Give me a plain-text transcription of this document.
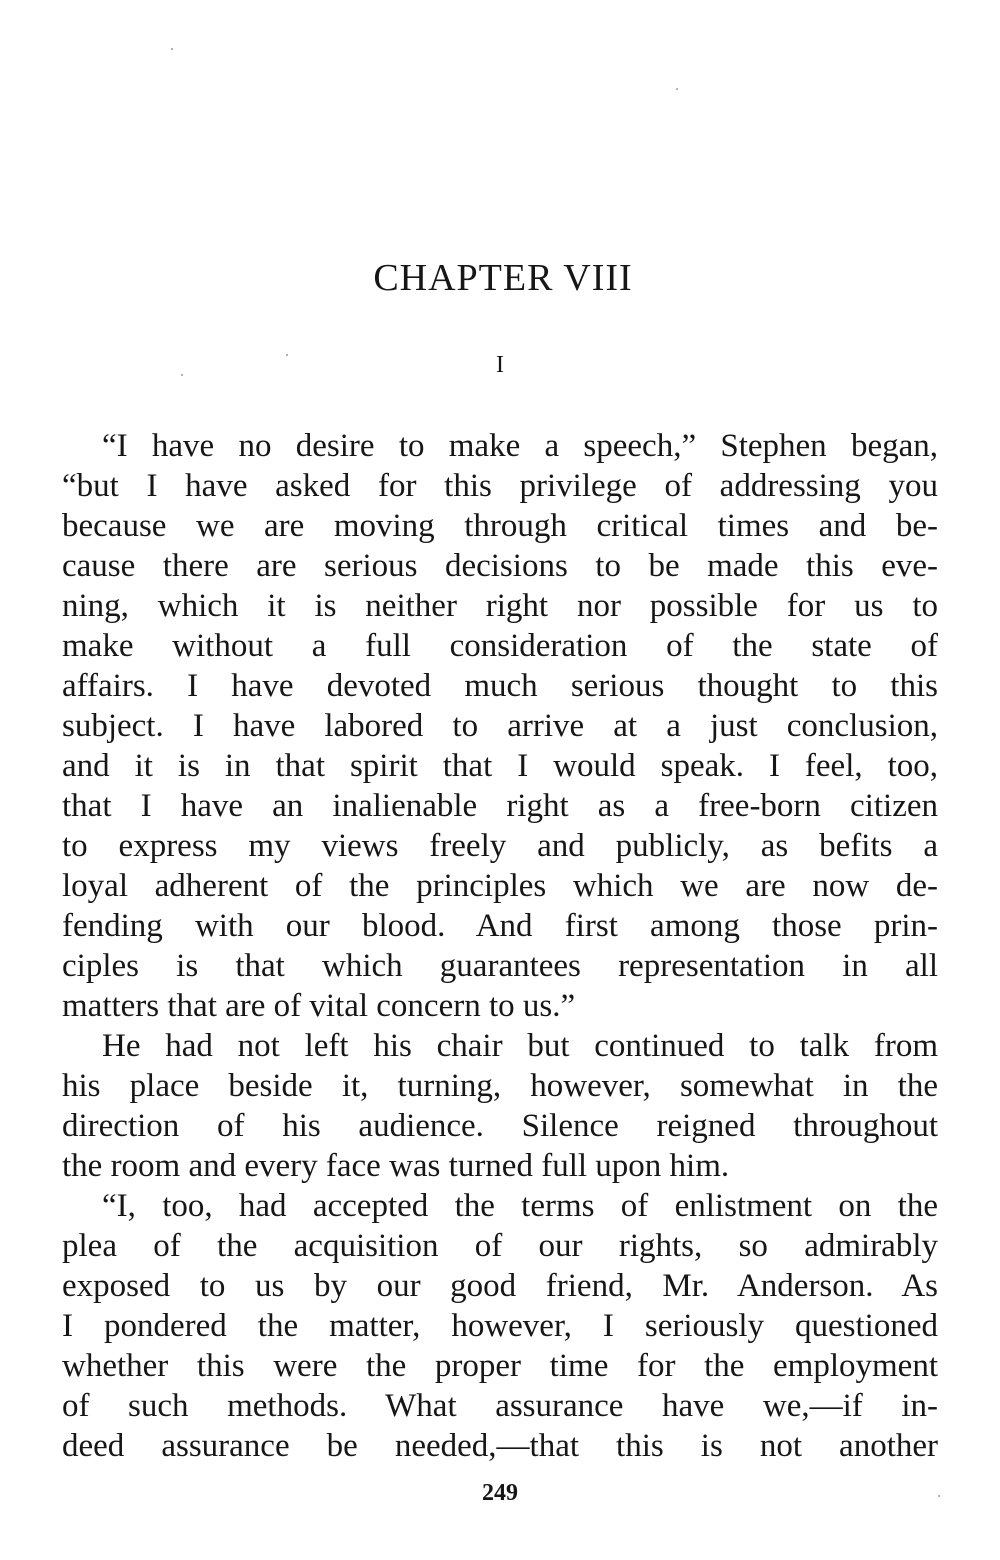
CHAPTER VIII
I
“I have no desire to make a speech,” Stephen began,
“but I have asked for this privilege of addressing you
because we are moving through critical times and be-
cause there are serious decisions to be made this eve-
ning, which it is neither right nor possible for us to
make without a full consideration of the state of
affairs. I have devoted much serious thought to this
subject. I have labored to arrive at a just conclusion,
and it is in that spirit that I would speak. I feel, too,
that I have an inalienable right as a free-born citizen
to express my views freely and publicly, as befits a
loyal adherent of the principles which we are now de-
fending with our blood. And first among those prin-
ciples is that which guarantees representation in all
matters that are of vital concern to us.”
He had not left his chair but continued to talk from
his place beside it, turning, however, somewhat in the
direction of his audience. Silence reigned throughout
the room and every face was turned full upon him.
“I, too, had accepted the terms of enlistment on the
plea of the acquisition of our rights, so admirably
exposed to us by our good friend, Mr. Anderson. As
I pondered the matter, however, I seriously questioned
whether this were the proper time for the employment
of such methods. What assurance have we,—if in-
deed assurance be needed,—that this is not another
249
